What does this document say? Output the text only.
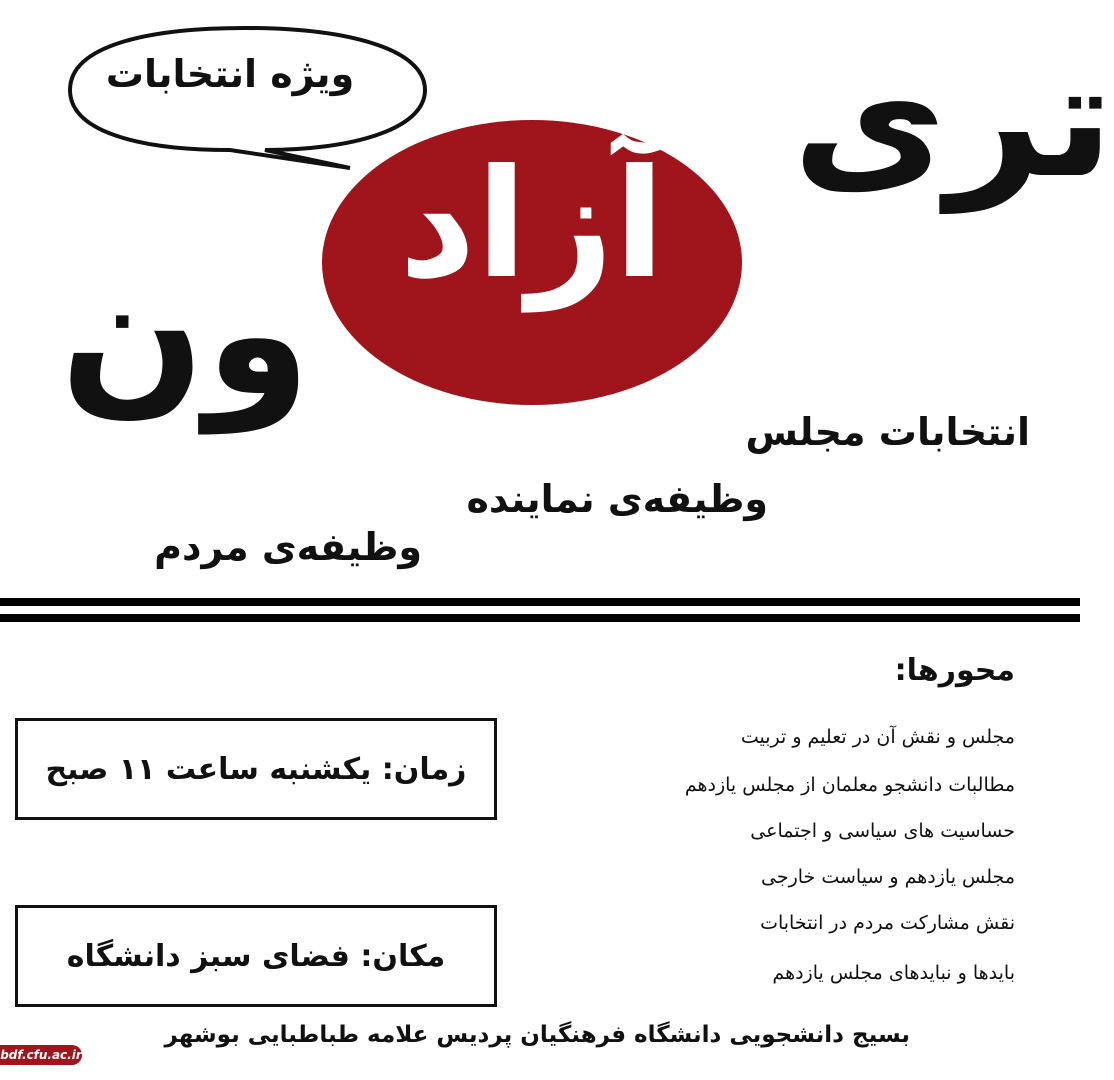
ویژه انتخابات	تری
ون
آزاد
انتخابات مجلس
وظیفه‌ی نماینده
وظیفه‌ی مردم
محورها:
مجلس و نقش آن در تعلیم و تربیت
مطالبات دانشجو معلمان از مجلس یازدهم
حساسیت های سیاسی و اجتماعی
مجلس یازدهم و سیاست خارجی
نقش مشارکت مردم در انتخابات
بایدها و نبایدهای مجلس یازدهم
زمان: یکشنبه ساعت ۱۱ صبح
مکان: فضای سبز دانشگاه
بسیج دانشجویی دانشگاه فرهنگیان پردیس علامه طباطبایی بوشهر
bdf.cfu.ac.ir
